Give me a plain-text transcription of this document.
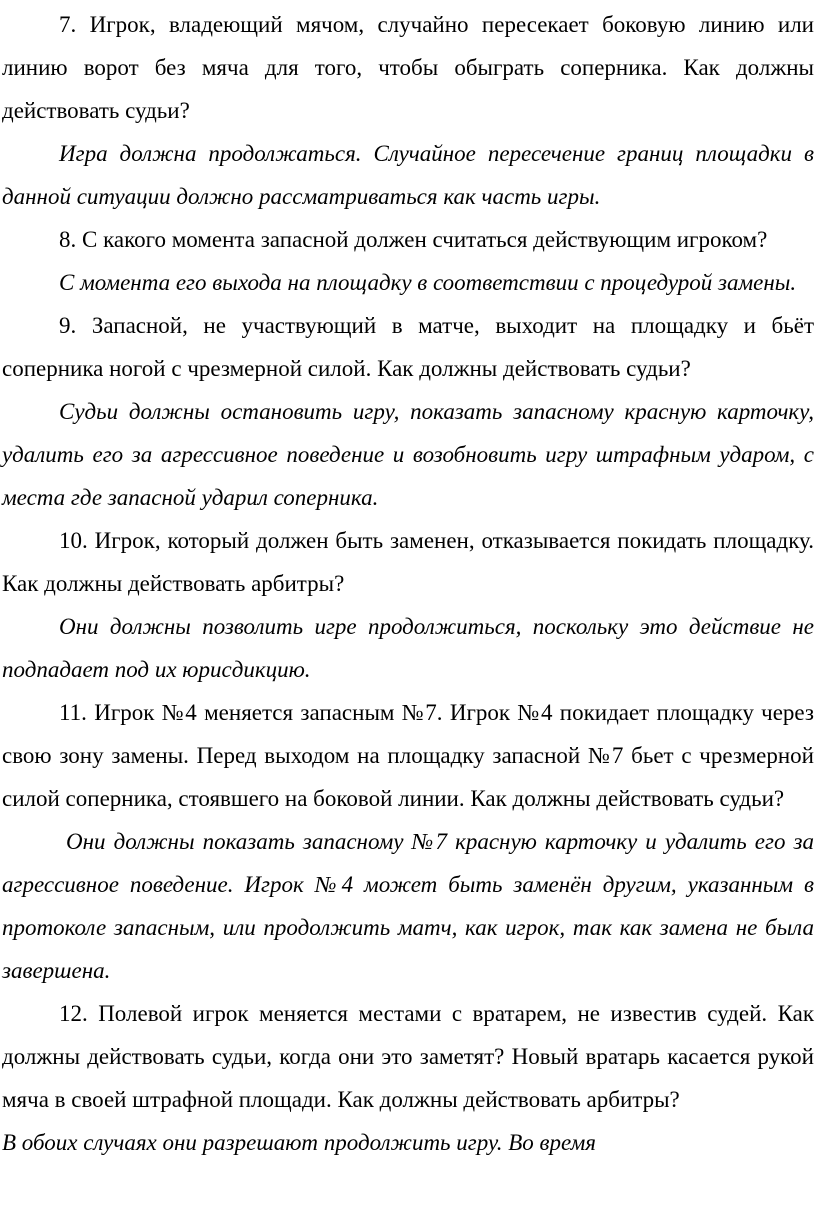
7. Игрок, владеющий мячом, случайно пересекает боковую линию или линию ворот без мяча для того, чтобы обыграть соперника. Как должны действовать судьи?

Игра должна продолжаться. Случайное пересечение границ площадки в данной ситуации должно рассматриваться как часть игры.

8. С какого момента запасной должен считаться действующим игроком?

С момента его выхода на площадку в соответствии с процедурой замены.

9. Запасной, не участвующий в матче, выходит на площадку и бьёт соперника ногой с чрезмерной силой. Как должны действовать судьи?

Судьи должны остановить игру, показать запасному красную карточку, удалить его за агрессивное поведение и возобновить игру штрафным ударом, с места где запасной ударил соперника.

10. Игрок, который должен быть заменен, отказывается покидать площадку. Как должны действовать арбитры?

Они должны позволить игре продолжиться, поскольку это действие не подпадает под их юрисдикцию.

11. Игрок №4 меняется запасным №7. Игрок №4 покидает площадку через свою зону замены. Перед выходом на площадку запасной №7 бьет с чрезмерной силой соперника, стоявшего на боковой линии. Как должны действовать судьи?

Они должны показать запасному №7 красную карточку и удалить его за агрессивное поведение. Игрок №4 может быть заменён другим, указанным в протоколе запасным, или продолжить матч, как игрок, так как замена не была завершена.

12. Полевой игрок меняется местами с вратарем, не известив судей. Как должны действовать судьи, когда они это заметят? Новый вратарь касается рукой мяча в своей штрафной площади. Как должны действовать арбитры?

В обоих случаях они разрешают продолжить игру. Во время
